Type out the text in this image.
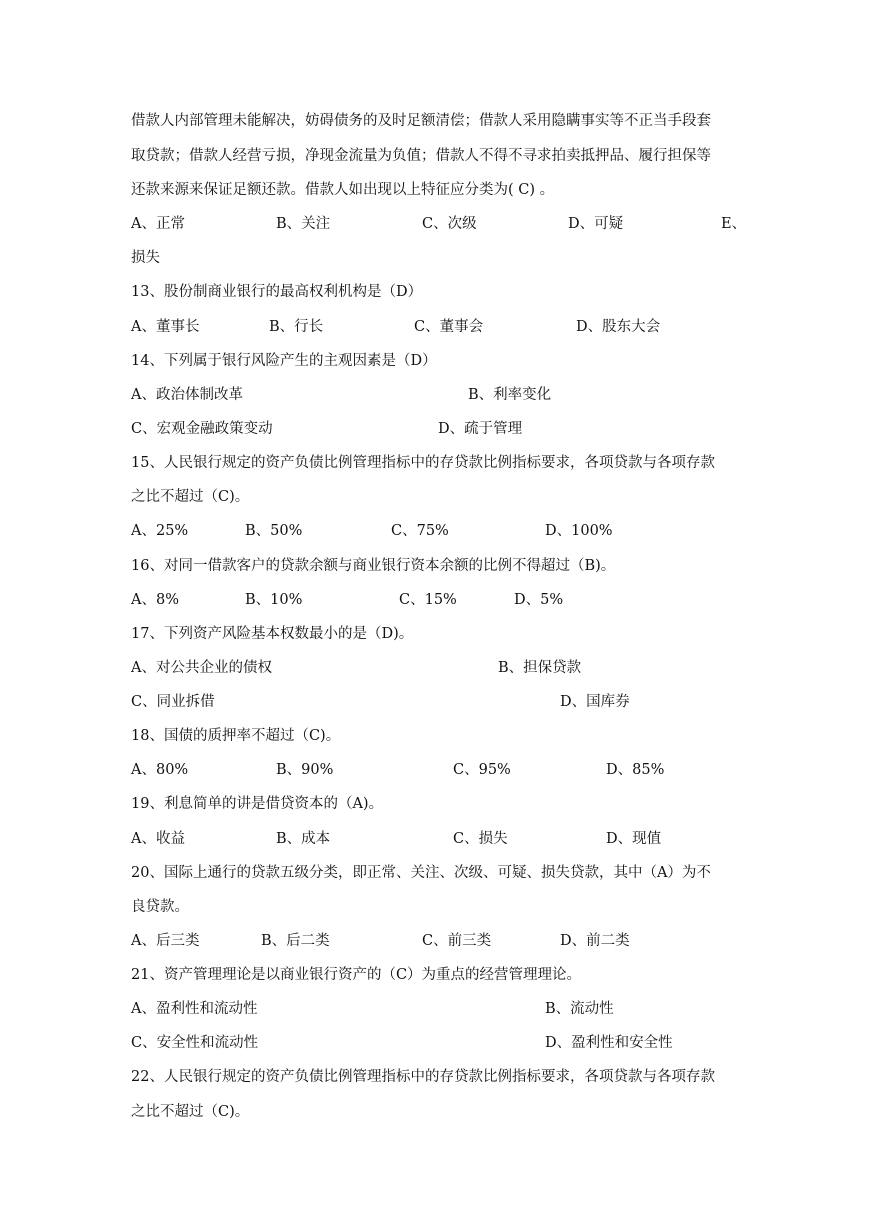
借款人内部管理未能解决，妨碍债务的及时足额清偿；借款人采用隐瞒事实等不正当手段套
取贷款；借款人经营亏损，净现金流量为负值；借款人不得不寻求拍卖抵押品、履行担保等
还款来源来保证足额还款。借款人如出现以上特征应分类为( C) 。
A、正常	B、关注	C、次级	D、可疑	E、
损失
13、股份制商业银行的最高权利机构是（D）
A、董事长	B、行长	C、董事会	D、股东大会
14、下列属于银行风险产生的主观因素是（D）
A、政治体制改革	B、利率变化
C、宏观金融政策变动	D、疏于管理
15、人民银行规定的资产负债比例管理指标中的存贷款比例指标要求，各项贷款与各项存款
之比不超过（C)。
A、25%	B、50%	C、75%	D、100%
16、对同一借款客户的贷款余额与商业银行资本余额的比例不得超过（B)。
A、8%	B、10%	C、15%	D、5%
17、下列资产风险基本权数最小的是（D)。
A、对公共企业的债权	B、担保贷款
C、同业拆借	D、国库券
18、国债的质押率不超过（C)。
A、80%	B、90%	C、95%	D、85%
19、利息简单的讲是借贷资本的（A)。
A、收益	B、成本	C、损失	D、现值
20、国际上通行的贷款五级分类，即正常、关注、次级、可疑、损失贷款，其中（A）为不
良贷款。
A、后三类	B、后二类	C、前三类	D、前二类
21、资产管理理论是以商业银行资产的（C）为重点的经营管理理论。
A、盈利性和流动性	B、流动性
C、安全性和流动性	D、盈利性和安全性
22、人民银行规定的资产负债比例管理指标中的存贷款比例指标要求，各项贷款与各项存款
之比不超过（C)。
